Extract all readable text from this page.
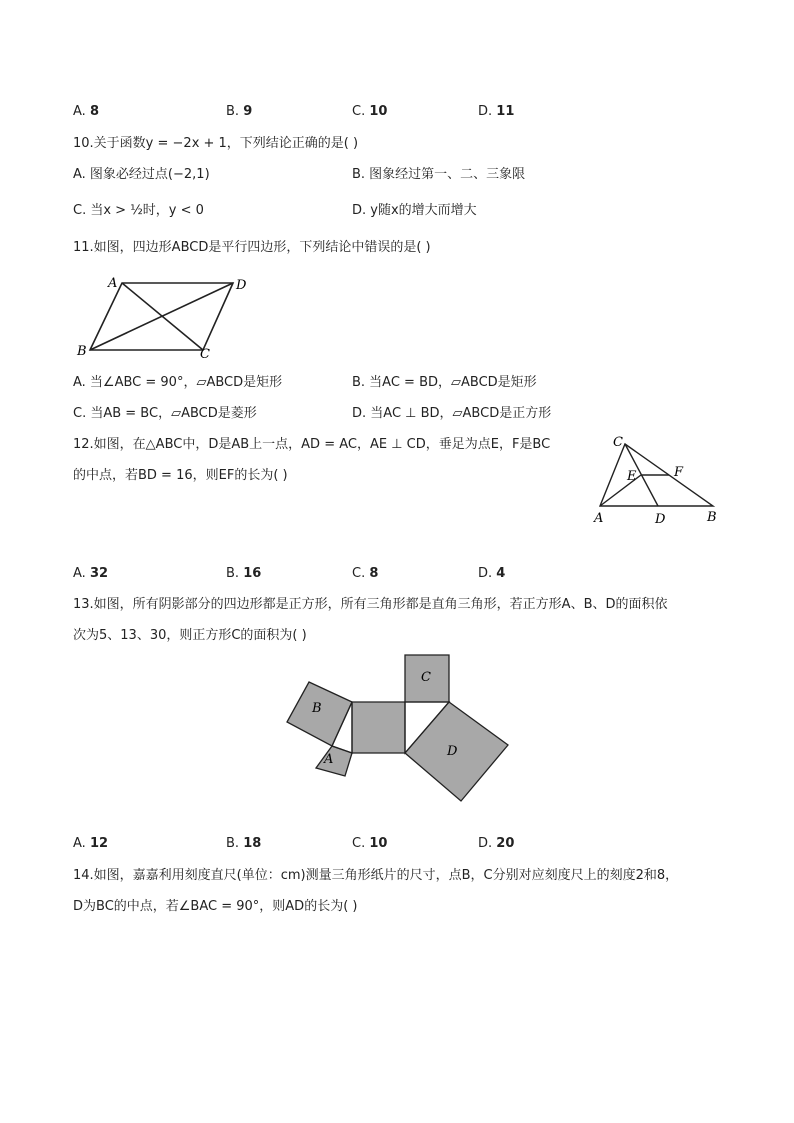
A. 8	B. 9	C. 10	D. 11
10.关于函数y = −2x + 1，下列结论正确的是( )
A. 图象必经过点(−2,1)	B. 图象经过第一、二、三象限
C. 当x > ½时，y < 0	D. y随x的增大而增大
11.如图，四边形ABCD是平行四边形，下列结论中错误的是( )
A	D
B	C
A. 当∠ABC = 90°，▱ABCD是矩形	B. 当AC = BD，▱ABCD是矩形
C. 当AB = BC，▱ABCD是菱形	D. 当AC ⊥ BD，▱ABCD是正方形
12.如图，在△ABC中，D是AB上一点，AD = AC，AE ⊥ CD，垂足为点E，F是BC
的中点，若BD = 16，则EF的长为( )
C
E	F
A	D	B
A. 32	B. 16	C. 8	D. 4
13.如图，所有阴影部分的四边形都是正方形，所有三角形都是直角三角形，若正方形A、B、D的面积依
次为5、13、30，则正方形C的面积为( )
C
D
B
A
A. 12	B. 18	C. 10	D. 20
14.如图，嘉嘉利用刻度直尺(单位：cm)测量三角形纸片的尺寸，点B，C分别对应刻度尺上的刻度2和8，
D为BC的中点，若∠BAC = 90°，则AD的长为( )
